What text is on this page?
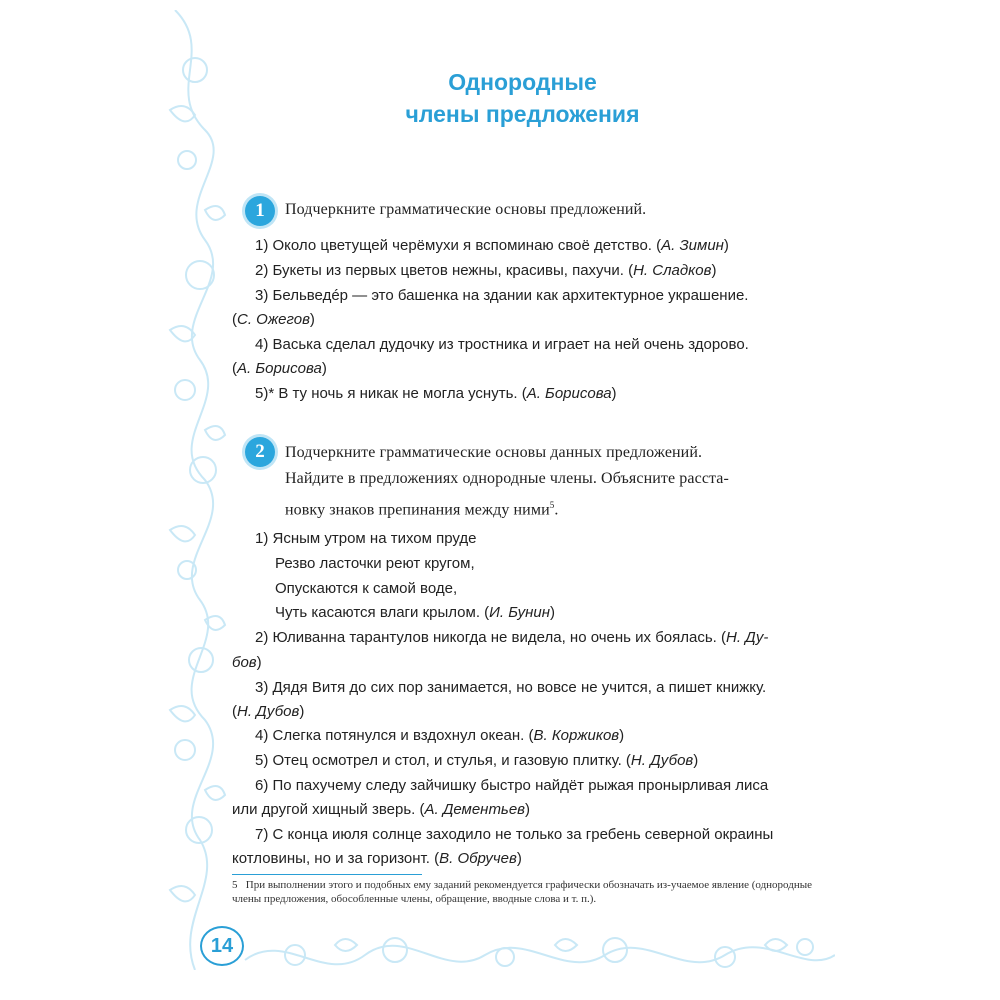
Однородные
члены предложения
1	Подчеркните грамматические основы предложений.
1) Около цветущей черёмухи я вспоминаю своё детство. (А. Зимин)
2) Букеты из первых цветов нежны, красивы, пахучи. (Н. Сладков)
3) Бельведéр — это башенка на здании как архитектурное украшение.
(С. Ожегов)
4) Васька сделал дудочку из тростника и играет на ней очень здорово.
(А. Борисова)
5)* В ту ночь я никак не могла уснуть. (А. Борисова)
2	Подчеркните грамматические основы данных предложений.
Найдите в предложениях однородные члены. Объясните расста-
новку знаков препинания между ними$^5$.
1) Ясным утром на тихом пруде
Резво ласточки реют кругом,
Опускаются к самой воде,
Чуть касаются влаги крылом. (И. Бунин)
2) Юливанна тарантулов никогда не видела, но очень их боялась. (Н. Ду-
бов)
3) Дядя Витя до сих пор занимается, но вовсе не учится, а пишет книжку.
(Н. Дубов)
4) Слегка потянулся и вздохнул океан. (В. Коржиков)
5) Отец осмотрел и стол, и стулья, и газовую плитку. (Н. Дубов)
6) По пахучему следу зайчишку быстро найдёт рыжая пронырливая лиса
или другой хищный зверь. (А. Дементьев)
7) С конца июля солнце заходило не только за гребень северной окраины
котловины, но и за горизонт. (В. Обручев)
5 При выполнении этого и подобных ему заданий рекомендуется графически обозначать из-учаемое явление (однородные члены предложения, обособленные члены, обращение, вводные слова и т. п.).
14
